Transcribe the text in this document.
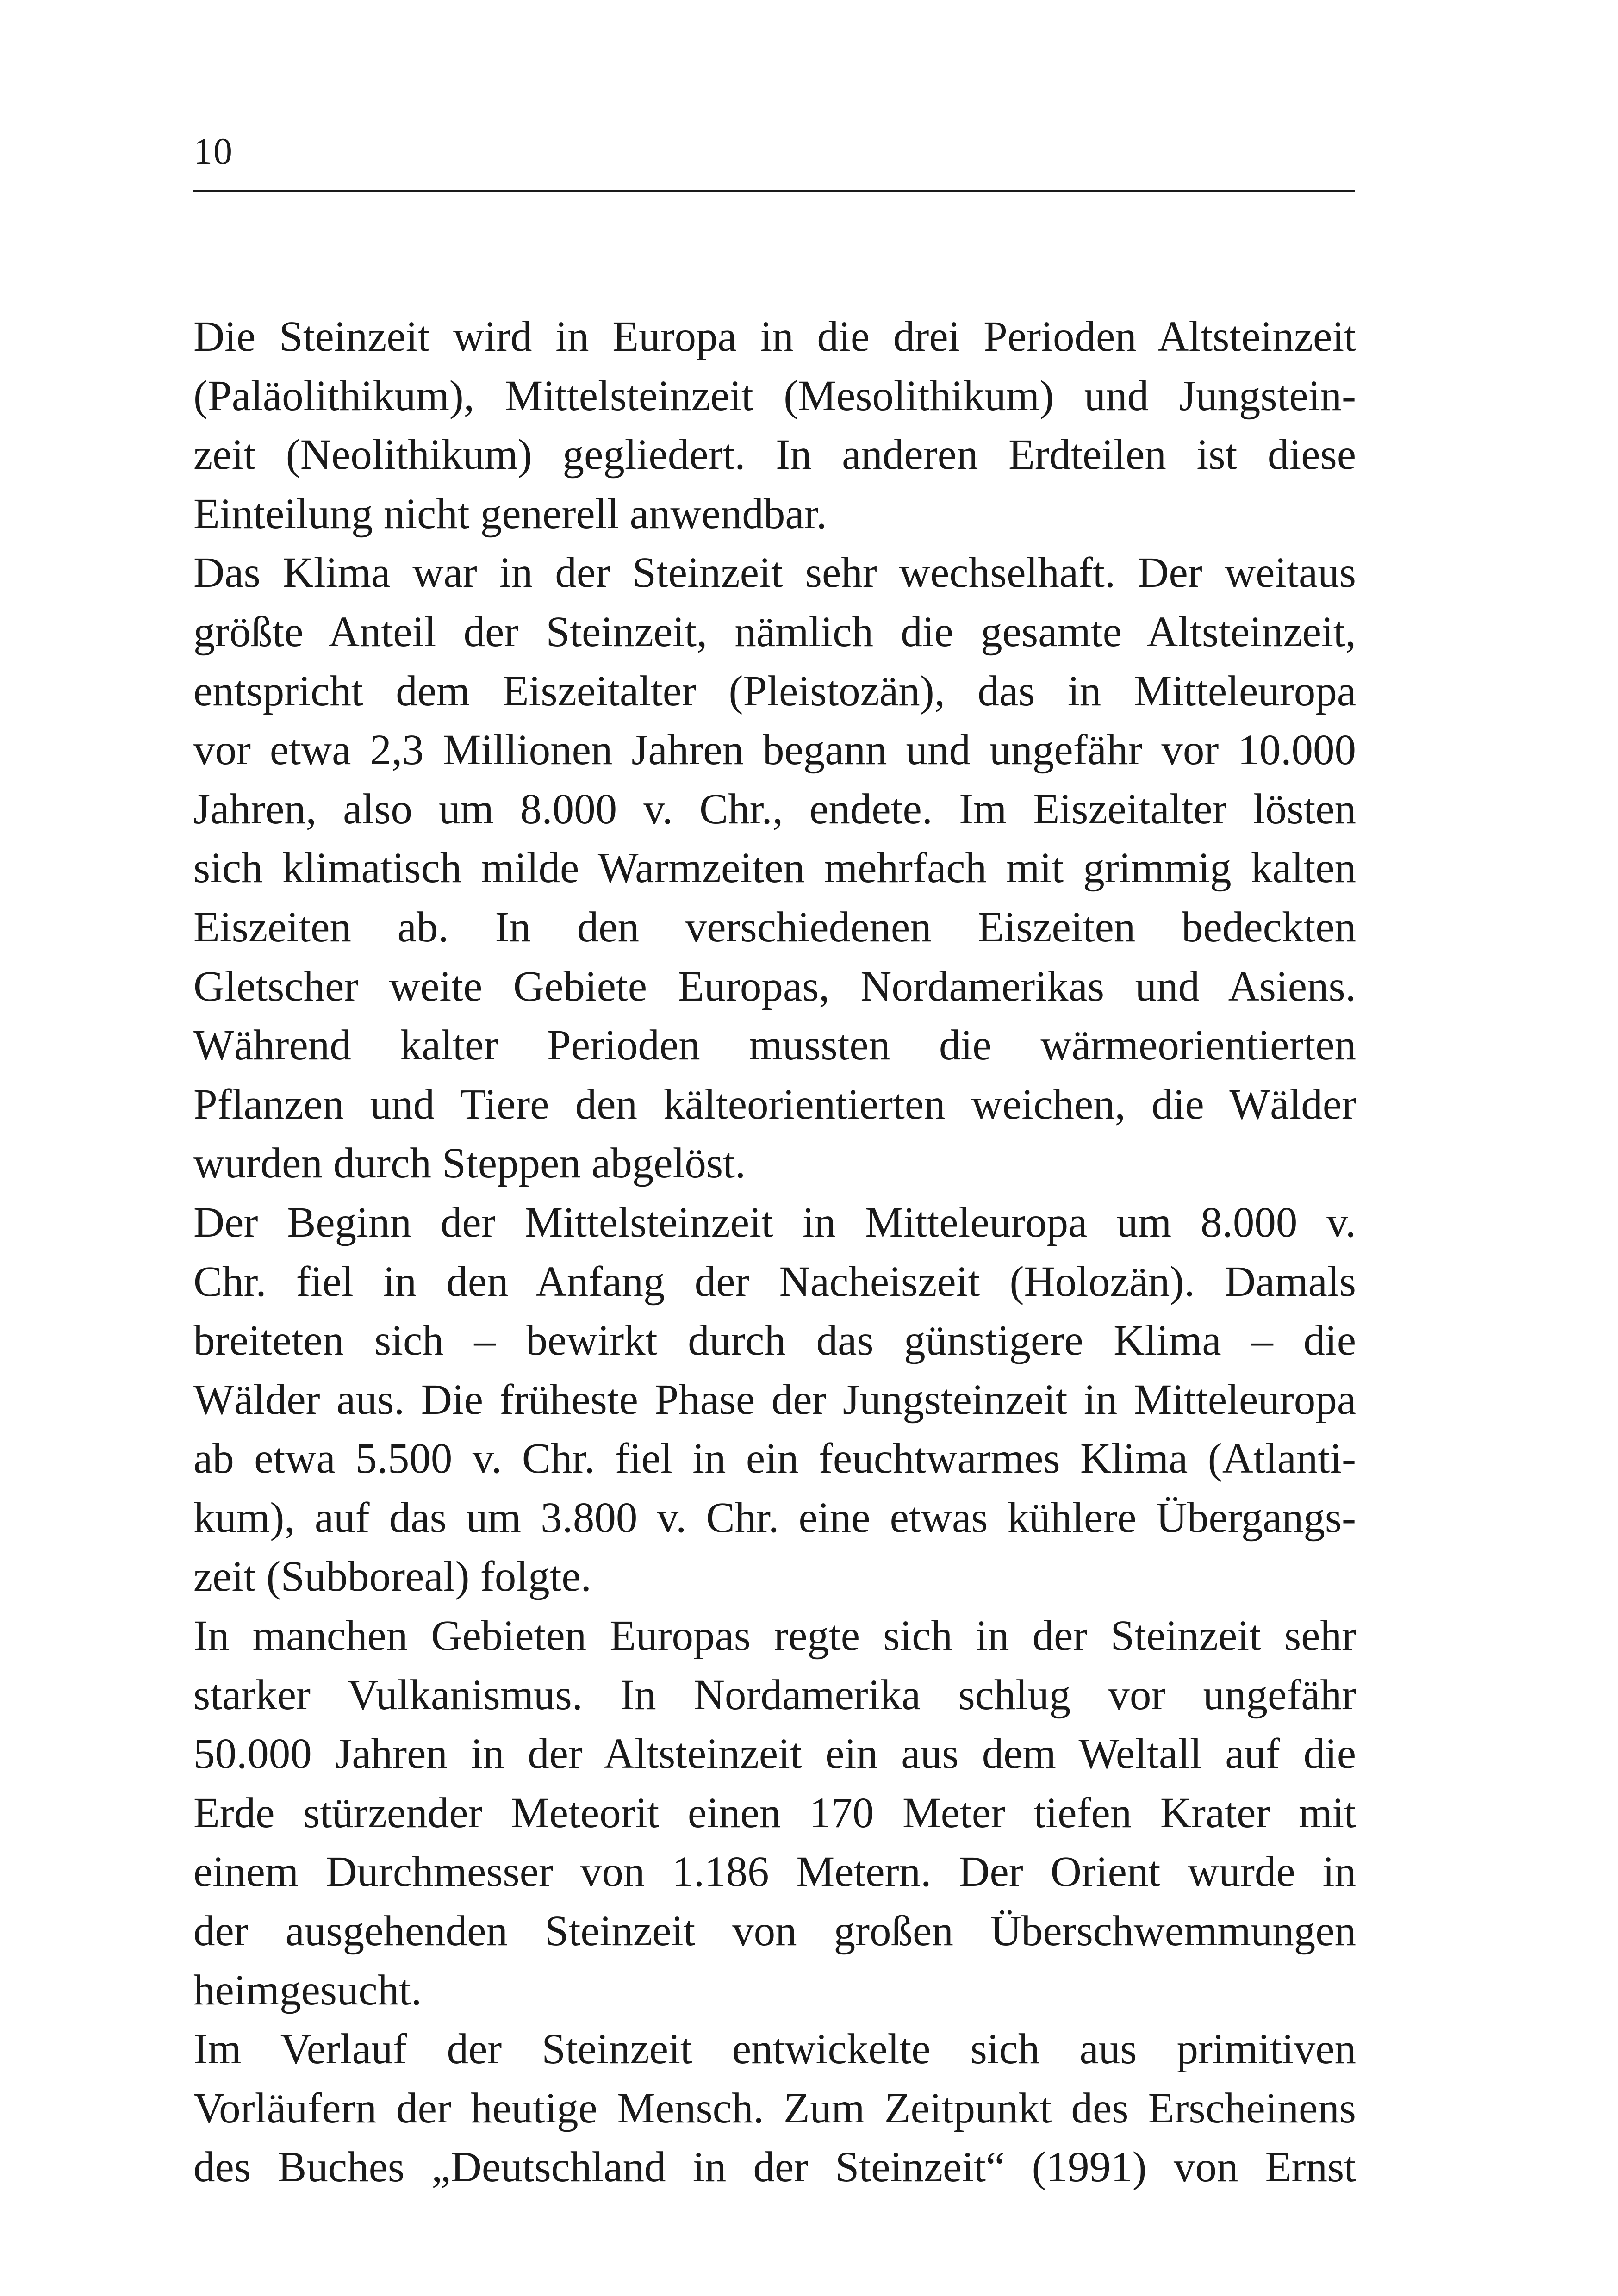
10
Die Steinzeit wird in Europa in die drei Perioden Altsteinzeit
(Paläolithikum), Mittelsteinzeit (Mesolithikum) und Jungstein-
zeit (Neolithikum) gegliedert. In anderen Erdteilen ist diese
Einteilung nicht generell anwendbar.
Das Klima war in der Steinzeit sehr wechselhaft. Der weitaus
größte Anteil der Steinzeit, nämlich die gesamte Altsteinzeit,
entspricht dem Eiszeitalter (Pleistozän), das in Mitteleuropa
vor etwa 2,3 Millionen Jahren begann und ungefähr vor 10.000
Jahren, also um 8.000 v. Chr., endete. Im Eiszeitalter lösten
sich klimatisch milde Warmzeiten mehrfach mit grimmig kalten
Eiszeiten ab. In den verschiedenen Eiszeiten bedeckten
Gletscher weite Gebiete Europas, Nordamerikas und Asiens.
Während kalter Perioden mussten die wärmeorientierten
Pflanzen und Tiere den kälteorientierten weichen, die Wälder
wurden durch Steppen abgelöst.
Der Beginn der Mittelsteinzeit in Mitteleuropa um 8.000 v.
Chr. fiel in den Anfang der Nacheiszeit (Holozän). Damals
breiteten sich – bewirkt durch das günstigere Klima – die
Wälder aus. Die früheste Phase der Jungsteinzeit in Mitteleuropa
ab etwa 5.500 v. Chr. fiel in ein feuchtwarmes Klima (Atlanti-
kum), auf das um 3.800 v. Chr. eine etwas kühlere Übergangs-
zeit (Subboreal) folgte.
In manchen Gebieten Europas regte sich in der Steinzeit sehr
starker Vulkanismus. In Nordamerika schlug vor ungefähr
50.000 Jahren in der Altsteinzeit ein aus dem Weltall auf die
Erde stürzender Meteorit einen 170 Meter tiefen Krater mit
einem Durchmesser von 1.186 Metern. Der Orient wurde in
der ausgehenden Steinzeit von großen Überschwemmungen
heimgesucht.
Im Verlauf der Steinzeit entwickelte sich aus primitiven
Vorläufern der heutige Mensch. Zum Zeitpunkt des Erscheinens
des Buches „Deutschland in der Steinzeit“ (1991) von Ernst
